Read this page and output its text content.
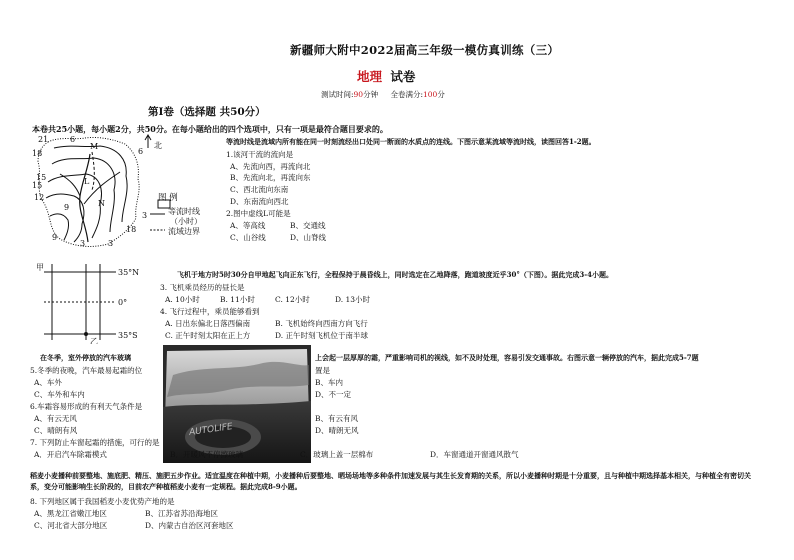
新疆师大附中2022届高三年级一模仿真训练（三）
地理 试卷
测试时间:90分钟 全卷满分:100分
第Ⅰ卷（选择题 共50分）
本卷共25小题，每小题2分，共50分。在每小题给出的四个选项中，只有一项是最符合题目要求的。
21
18
15
12
9
6
3
3
6
9
15
18
L
M
N
北
图 例
3	等流时线
（小时）
流域边界
等流时线是流域内所有能在同一时刻流经出口处同一断面的水质点的连线。下图示意某流域等流时线，读图回答1-2题。
1.该河干流的流向是
A、先流向西，再流向北
B、先流向北，再流向东
C、西北流向东南
D、东南流向西北
2.图中虚线L可能是
A、等高线	B、交通线
C、山谷线	D、山脊线
甲
乙
35°N
0°
35°S
飞机于地方时5时30分自甲地起飞向正东飞行，全程保持于晨昏线上，同时选定在乙地降落，跑道坡度近乎30°（下图）。据此完成3-4小题。
3. 飞机乘员经历的昼长是
A. 10小时	B. 11小时	C. 12小时	D. 13小时
4. 飞行过程中，乘员能够看到
A. 日出东偏北日落西偏南	B. 飞机始终向西南方向飞行
C. 正午时刻太阳在正上方	D. 正午时刻飞机位于南半球
在冬季，室外停放的汽车玻璃	上会起一层厚厚的霜，严重影响司机的视线，如不及时处理，容易引发交通事故。右图示意一辆停放的汽车，据此完成5-7题
AUTOLIFE
5.冬季的夜晚，汽车最易起霜的位	置是
A、车外	B、车内
C、车外和车内	D、不一定
6.车霜容易形成的有利天气条件是
A、有云无风	B、有云有风
C、晴朗有风	D、晴朗无风
7. 下列防止车窗起霜的措施，可行的是
A．开启汽车除霜模式	B．开暖风不停擦玻璃	C．玻璃上盖一层棉布	D．车窗通道开窗通风散气
稻麦小麦播种前要整地、施底肥、精压、施肥五步作业。适宜温度在种植中期，小麦播种后要整地、晒场场地等多种条件加速发展与其生长发育期的关系，所以小麦播种时期是十分重要，且与种植中期选择基本相关，与种植全有密切关系，变分可能影响生长阶段的，目前农产种植稻麦小麦有一定规程。据此完成8-9小题。
8. 下列地区属于我国稻麦小麦优势产地的是
A、黑龙江省嫩江地区	B、江苏省苏沿海地区
C、河北省大部分地区	D、内蒙古自治区河套地区
